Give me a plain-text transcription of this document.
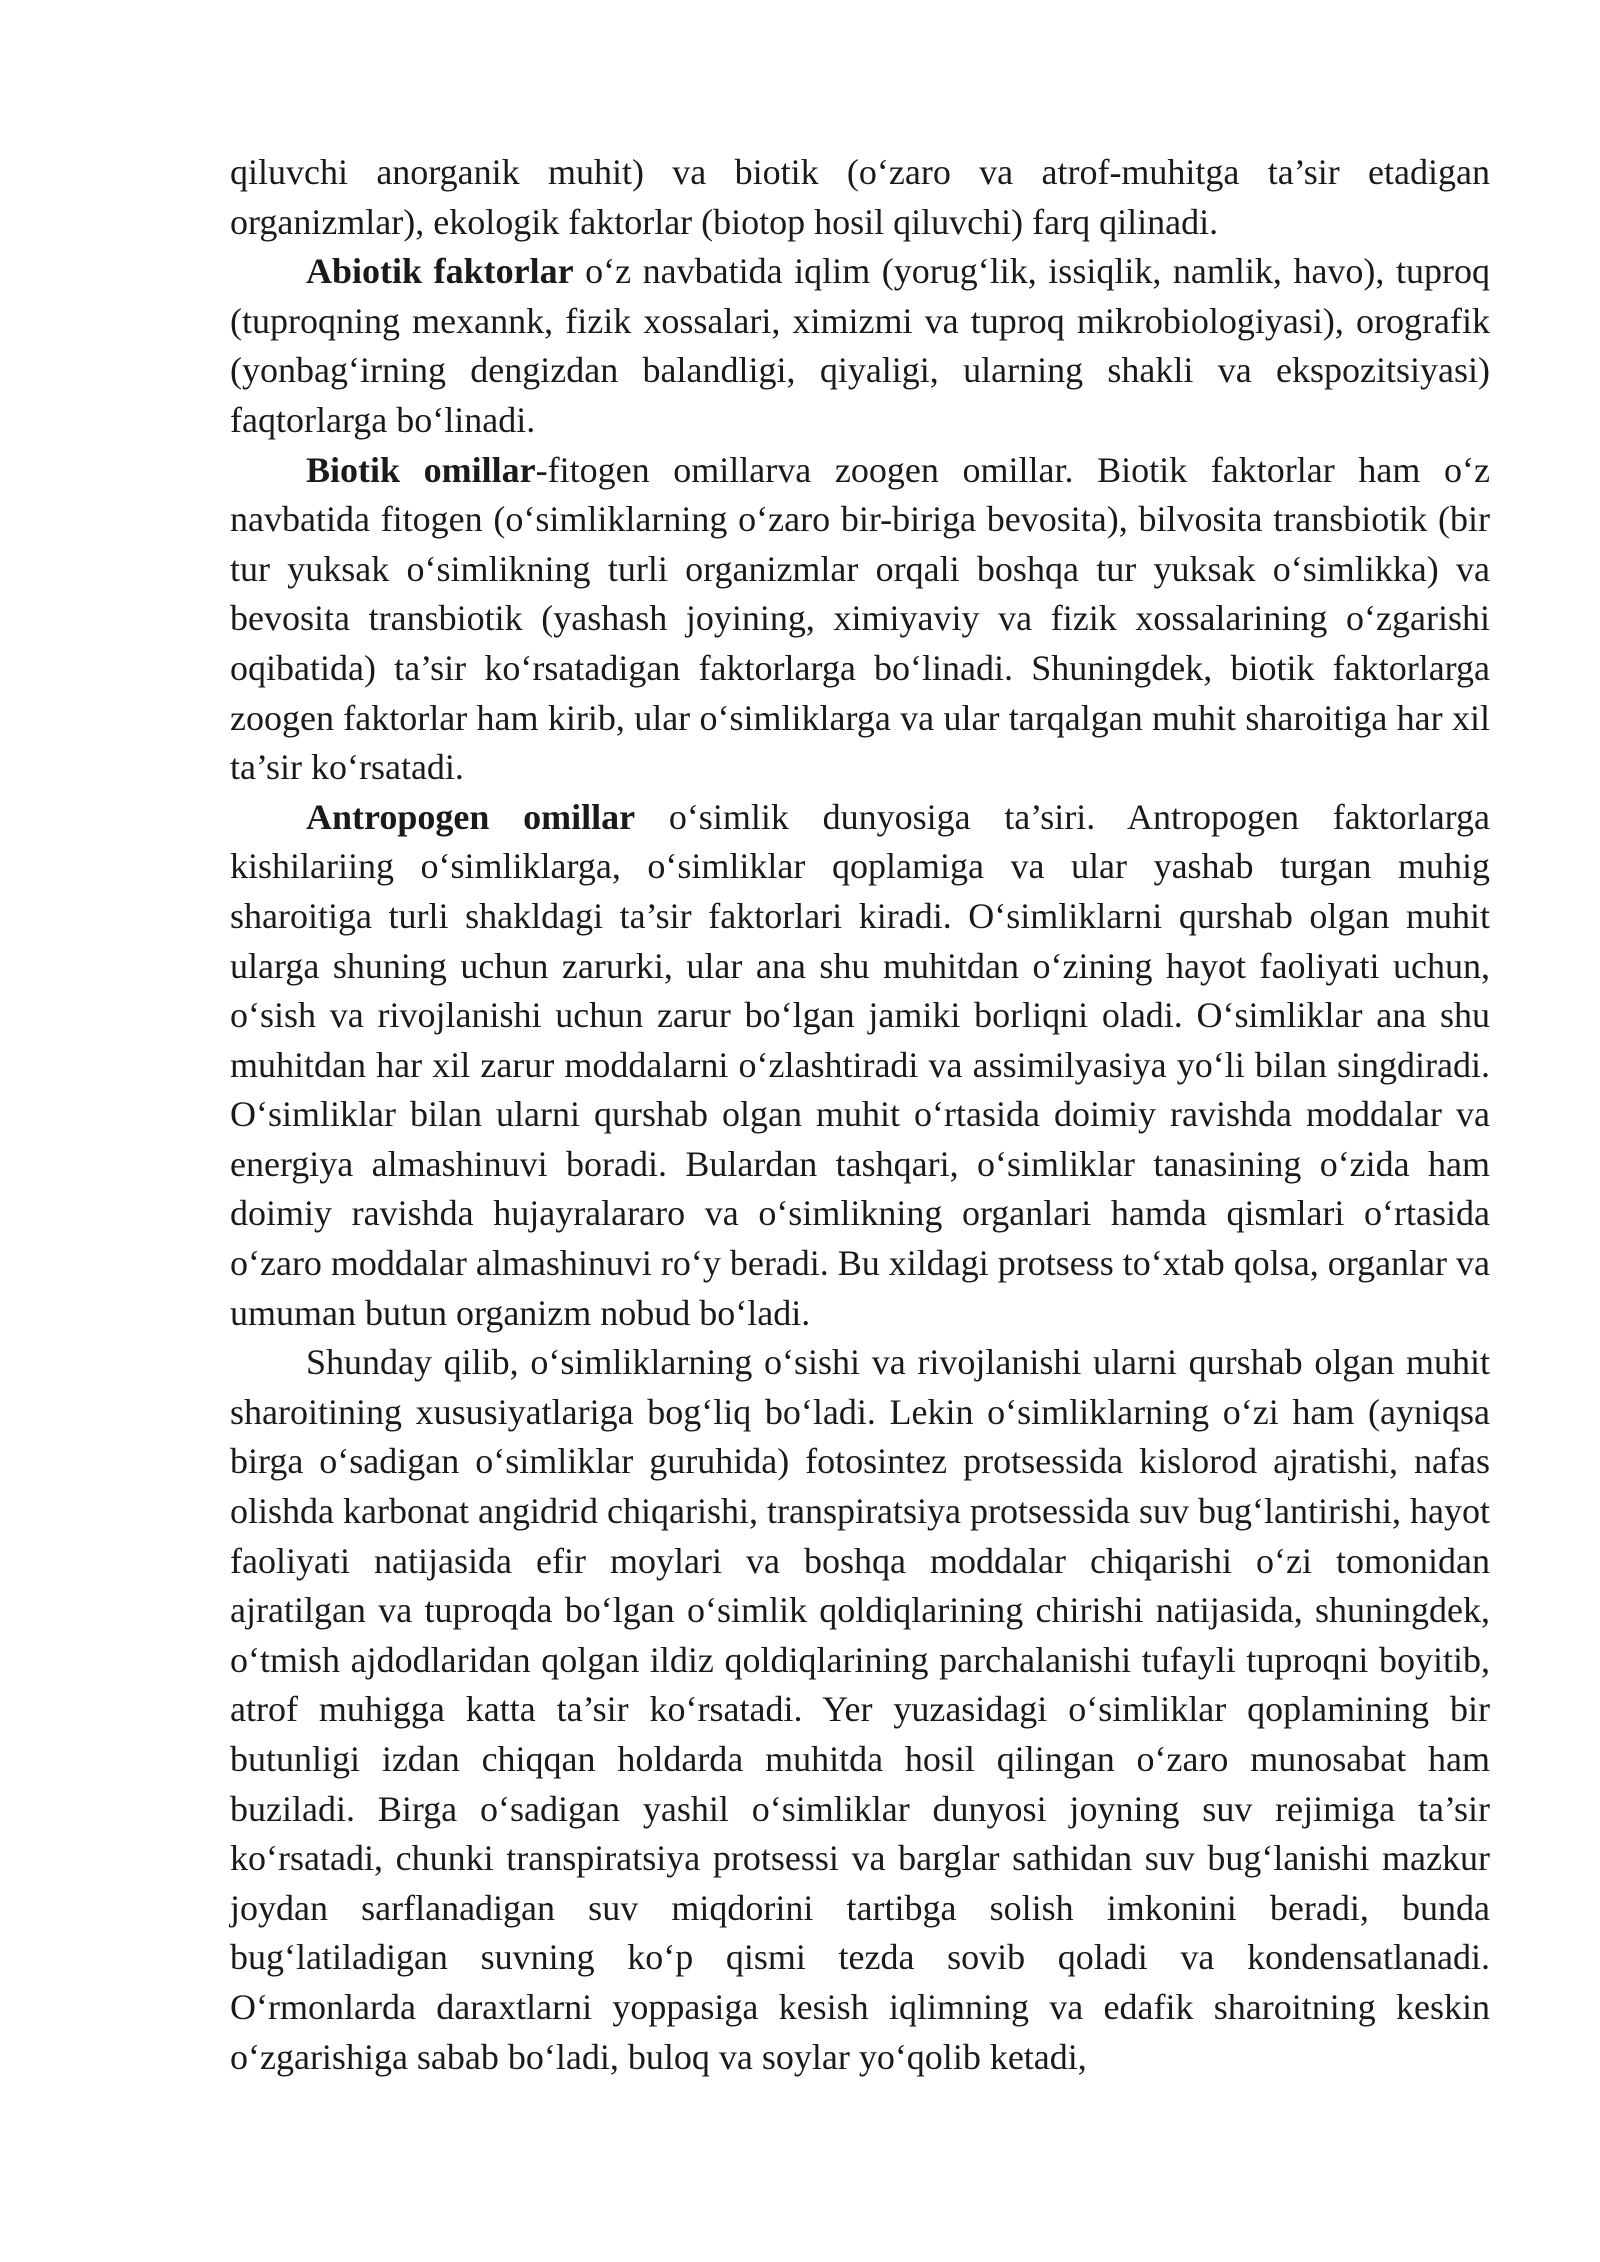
qiluvchi anorganik muhit) va biotik (o‘zaro va atrof-muhitga ta’sir etadigan organizmlar), ekologik faktorlar (biotop hosil qiluvchi) farq qilinadi.

Abiotik faktorlar o‘z navbatida iqlim (yorug‘lik, issiqlik, namlik, havo), tuproq (tuproqning mexannk, fizik xossalari, ximizmi va tuproq mikrobiologiyasi), orografik (yonbag‘irning dengizdan balandligi, qiyaligi, ularning shakli va ekspozitsiyasi) faqtorlarga bo‘linadi.

Biotik omillar-fitogen omillarva zoogen omillar. Biotik faktorlar ham o‘z navbatida fitogen (o‘simliklarning o‘zaro bir-biriga bevosita), bilvosita transbiotik (bir tur yuksak o‘simlikning turli organizmlar orqali boshqa tur yuksak o‘simlikka) va bevosita transbiotik (yashash joyining, ximiyaviy va fizik xossalarining o‘zgarishi oqibatida) ta’sir ko‘rsatadigan faktorlarga bo‘linadi. Shuningdek, biotik faktorlarga zoogen faktorlar ham kirib, ular o‘simliklarga va ular tarqalgan muhit sharoitiga har xil ta’sir ko‘rsatadi.

Antropogen omillar o‘simlik dunyosiga ta’siri. Antropogen faktorlarga kishilariing o‘simliklarga, o‘simliklar qoplamiga va ular yashab turgan muhig sharoitiga turli shakldagi ta’sir faktorlari kiradi. O‘simliklarni qurshab olgan muhit ularga shuning uchun zarurki, ular ana shu muhitdan o‘zining hayot faoliyati uchun, o‘sish va rivojlanishi uchun zarur bo‘lgan jamiki borliqni oladi. O‘simliklar ana shu muhitdan har xil zarur moddalarni o‘zlashtiradi va assimilyasiya yo‘li bilan singdiradi. O‘simliklar bilan ularni qurshab olgan muhit o‘rtasida doimiy ravishda moddalar va energiya almashinuvi boradi. Bulardan tashqari, o‘simliklar tanasining o‘zida ham doimiy ravishda hujayralararo va o‘simlikning organlari hamda qismlari o‘rtasida o‘zaro moddalar almashinuvi ro‘y beradi. Bu xildagi protsess to‘xtab qolsa, organlar va umuman butun organizm nobud bo‘ladi.

Shunday qilib, o‘simliklarning o‘sishi va rivojlanishi ularni qurshab olgan muhit sharoitining xususiyatlariga bog‘liq bo‘ladi. Lekin o‘simliklarning o‘zi ham (ayniqsa birga o‘sadigan o‘simliklar guruhida) fotosintez protsessida kislorod ajratishi, nafas olishda karbonat angidrid chiqarishi, transpiratsiya protsessida suv bug‘lantirishi, hayot faoliyati natijasida efir moylari va boshqa moddalar chiqarishi o‘zi tomonidan ajratilgan va tuproqda bo‘lgan o‘simlik qoldiqlarining chirishi natijasida, shuningdek, o‘tmish ajdodlaridan qolgan ildiz qoldiqlarining parchalanishi tufayli tuproqni boyitib, atrof muhigga katta ta’sir ko‘rsatadi. Yer yuzasidagi o‘simliklar qoplamining bir butunligi izdan chiqqan holdarda muhitda hosil qilingan o‘zaro munosabat ham buziladi. Birga o‘sadigan yashil o‘simliklar dunyosi joyning suv rejimiga ta’sir ko‘rsatadi, chunki transpiratsiya protsessi va barglar sathidan suv bug‘lanishi mazkur joydan sarflanadigan suv miqdorini tartibga solish imkonini beradi, bunda bug‘latiladigan suvning ko‘p qismi tezda sovib qoladi va kondensatlanadi. O‘rmonlarda daraxtlarni yoppasiga kesish iqlimning va edafik sharoitning keskin o‘zgarishiga sabab bo‘ladi, buloq va soylar yo‘qolib ketadi,
